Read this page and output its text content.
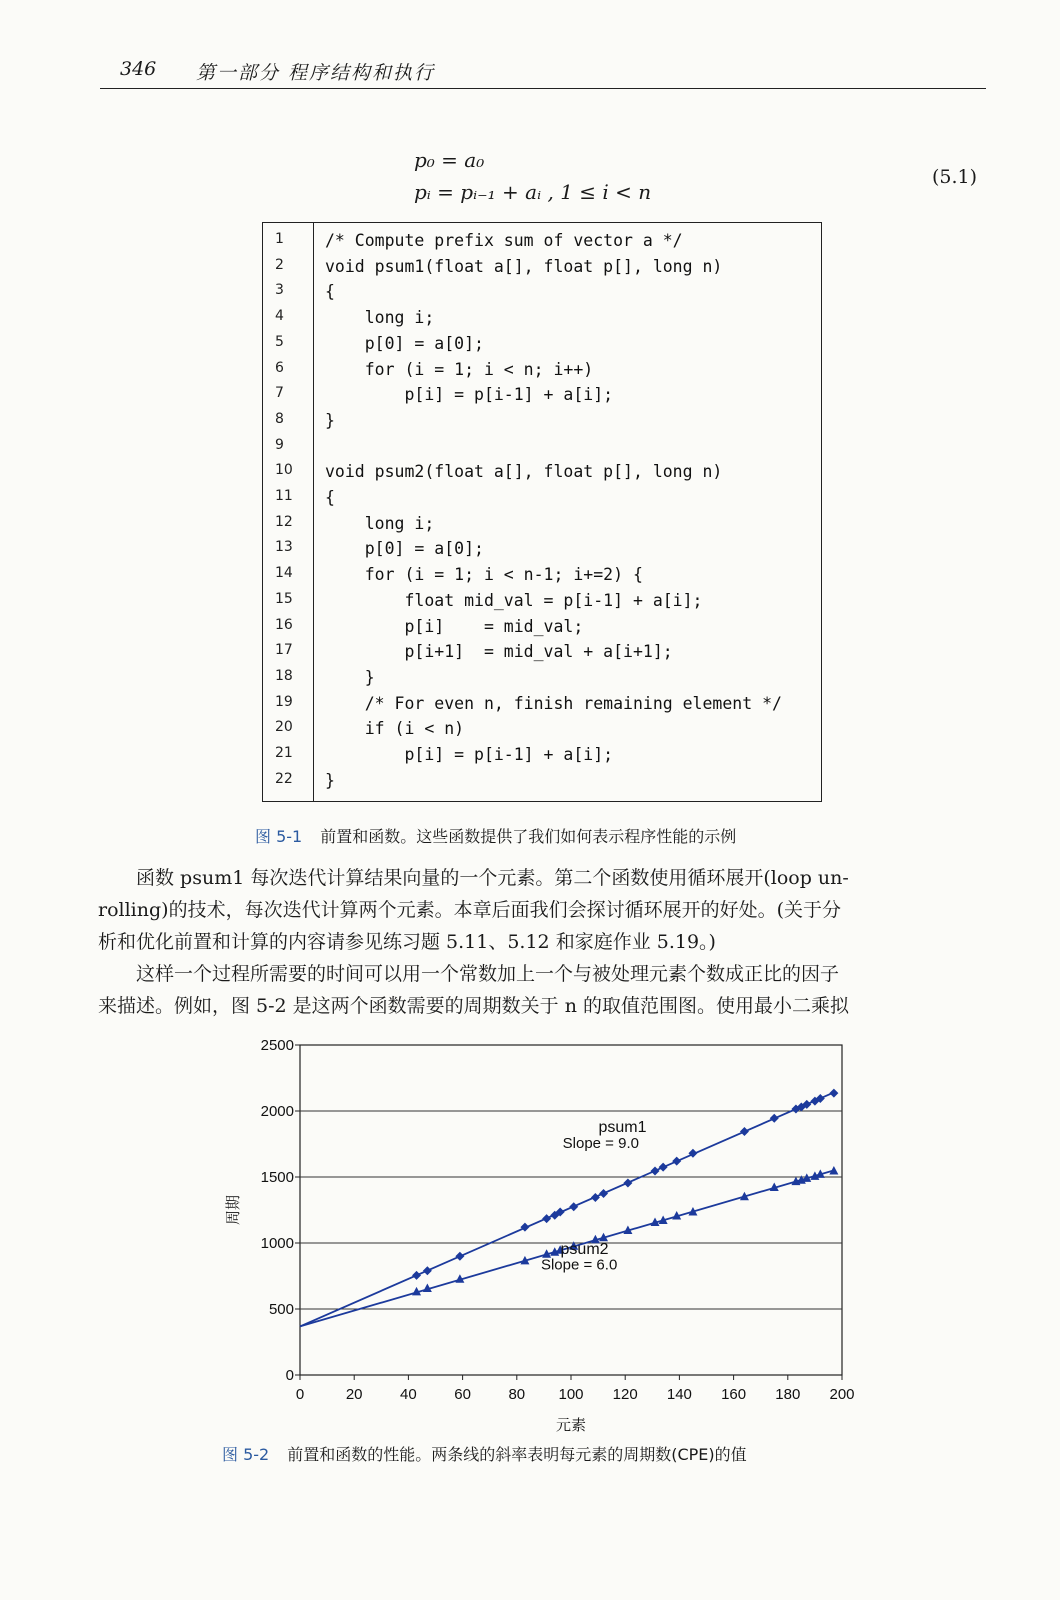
346 第一部分 程序结构和执行
p₀ = a₀
pᵢ = pᵢ₋₁ + aᵢ , 1 ≤ i < n
(5.1)
1	/* Compute prefix sum of vector a */
2	void psum1(float a[], float p[], long n)
3	{
4	long i;
5	p[0] = a[0];
6	for (i = 1; i < n; i++)
7	p[i] = p[i-1] + a[i];
8	}
9
10	void psum2(float a[], float p[], long n)
11	{
12	long i;
13	p[0] = a[0];
14	for (i = 1; i < n-1; i+=2) {
15	float mid_val = p[i-1] + a[i];
16	p[i]    = mid_val;
17	p[i+1]  = mid_val + a[i+1];
18	}
19	/* For even n, finish remaining element */
20	if (i < n)
21	p[i] = p[i-1] + a[i];
22	}
图 5-1 前置和函数。这些函数提供了我们如何表示程序性能的示例

　　函数 psum1 每次迭代计算结果向量的一个元素。第二个函数使用循环展开(loop un-

rolling)的技术，每次迭代计算两个元素。本章后面我们会探讨循环展开的好处。(关于分

析和优化前置和计算的内容请参见练习题 5.11、5.12 和家庭作业 5.19。)

　　这样一个过程所需要的时间可以用一个常数加上一个与被处理元素个数成正比的因子

来描述。例如，图 5-2 是这两个函数需要的周期数关于 n 的取值范围图。使用最小二乘拟

0
500
1000
1500
2000
2500
0	20	40	60	80 100 120 140 160 180 200
元素
周期
psum1
Slope = 9.0
psum2
Slope = 6.0
图 5-2 前置和函数的性能。两条线的斜率表明每元素的周期数(CPE)的值
